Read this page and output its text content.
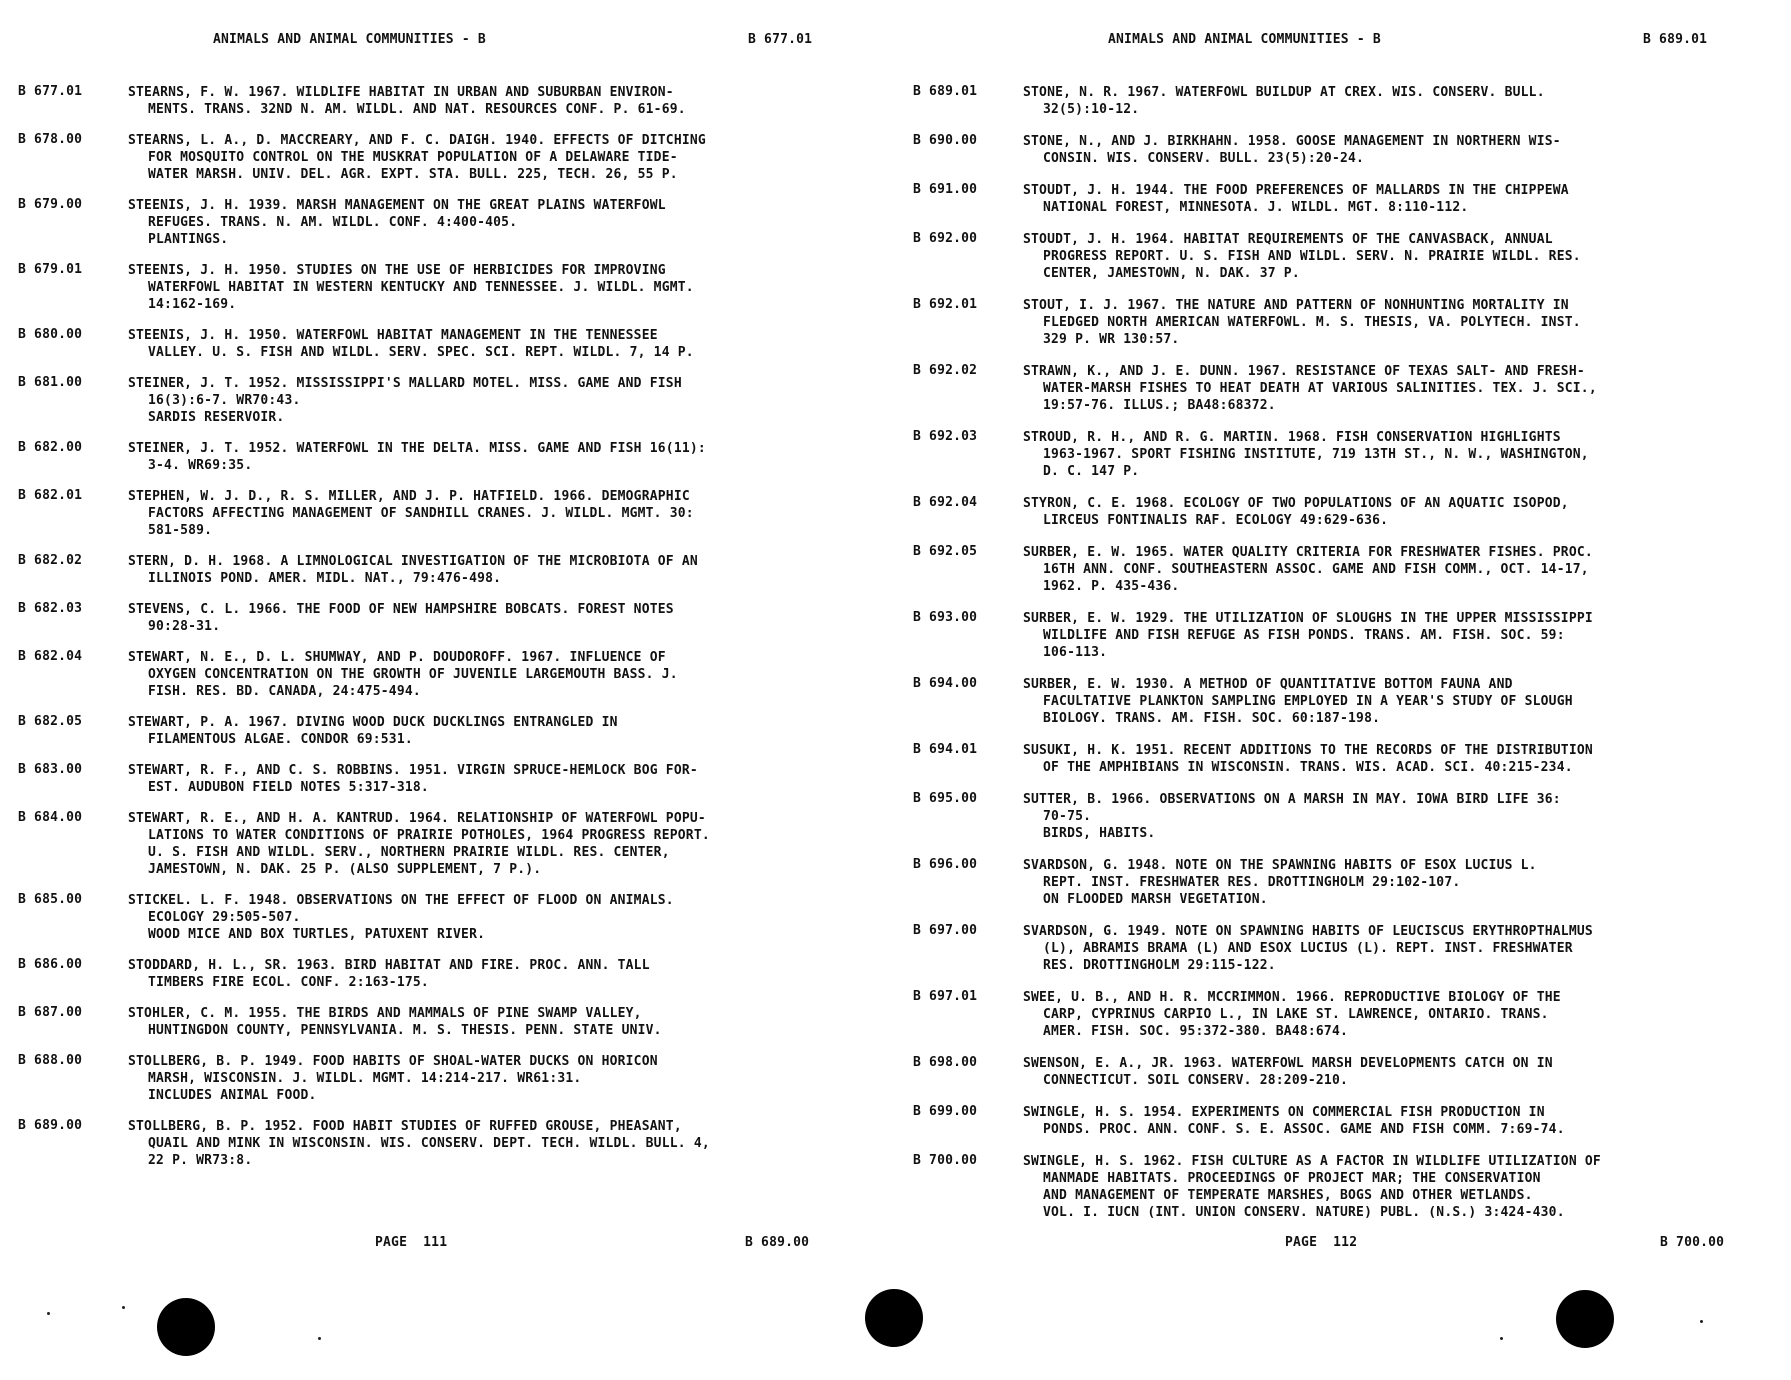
ANIMALS AND ANIMAL COMMUNITIES - B	B 677.01
B 677.01	STEARNS, F. W. 1967. WILDLIFE HABITAT IN URBAN AND SUBURBAN ENVIRON-
MENTS. TRANS. 32ND N. AM. WILDL. AND NAT. RESOURCES CONF. P. 61-69.
B 678.00	STEARNS, L. A., D. MACCREARY, AND F. C. DAIGH. 1940. EFFECTS OF DITCHING
FOR MOSQUITO CONTROL ON THE MUSKRAT POPULATION OF A DELAWARE TIDE-
WATER MARSH. UNIV. DEL. AGR. EXPT. STA. BULL. 225, TECH. 26, 55 P.
B 679.00	STEENIS, J. H. 1939. MARSH MANAGEMENT ON THE GREAT PLAINS WATERFOWL
REFUGES. TRANS. N. AM. WILDL. CONF. 4:400-405.
PLANTINGS.
B 679.01	STEENIS, J. H. 1950. STUDIES ON THE USE OF HERBICIDES FOR IMPROVING
WATERFOWL HABITAT IN WESTERN KENTUCKY AND TENNESSEE. J. WILDL. MGMT.
14:162-169.
B 680.00	STEENIS, J. H. 1950. WATERFOWL HABITAT MANAGEMENT IN THE TENNESSEE
VALLEY. U. S. FISH AND WILDL. SERV. SPEC. SCI. REPT. WILDL. 7, 14 P.
B 681.00	STEINER, J. T. 1952. MISSISSIPPI'S MALLARD MOTEL. MISS. GAME AND FISH
16(3):6-7. WR70:43.
SARDIS RESERVOIR.
B 682.00	STEINER, J. T. 1952. WATERFOWL IN THE DELTA. MISS. GAME AND FISH 16(11):
3-4. WR69:35.
B 682.01	STEPHEN, W. J. D., R. S. MILLER, AND J. P. HATFIELD. 1966. DEMOGRAPHIC
FACTORS AFFECTING MANAGEMENT OF SANDHILL CRANES. J. WILDL. MGMT. 30:
581-589.
B 682.02	STERN, D. H. 1968. A LIMNOLOGICAL INVESTIGATION OF THE MICROBIOTA OF AN
ILLINOIS POND. AMER. MIDL. NAT., 79:476-498.
B 682.03	STEVENS, C. L. 1966. THE FOOD OF NEW HAMPSHIRE BOBCATS. FOREST NOTES
90:28-31.
B 682.04	STEWART, N. E., D. L. SHUMWAY, AND P. DOUDOROFF. 1967. INFLUENCE OF
OXYGEN CONCENTRATION ON THE GROWTH OF JUVENILE LARGEMOUTH BASS. J.
FISH. RES. BD. CANADA, 24:475-494.
B 682.05	STEWART, P. A. 1967. DIVING WOOD DUCK DUCKLINGS ENTRANGLED IN
FILAMENTOUS ALGAE. CONDOR 69:531.
B 683.00	STEWART, R. F., AND C. S. ROBBINS. 1951. VIRGIN SPRUCE-HEMLOCK BOG FOR-
EST. AUDUBON FIELD NOTES 5:317-318.
B 684.00	STEWART, R. E., AND H. A. KANTRUD. 1964. RELATIONSHIP OF WATERFOWL POPU-
LATIONS TO WATER CONDITIONS OF PRAIRIE POTHOLES, 1964 PROGRESS REPORT.
U. S. FISH AND WILDL. SERV., NORTHERN PRAIRIE WILDL. RES. CENTER,
JAMESTOWN, N. DAK. 25 P. (ALSO SUPPLEMENT, 7 P.).
B 685.00	STICKEL. L. F. 1948. OBSERVATIONS ON THE EFFECT OF FLOOD ON ANIMALS.
ECOLOGY 29:505-507.
WOOD MICE AND BOX TURTLES, PATUXENT RIVER.
B 686.00	STODDARD, H. L., SR. 1963. BIRD HABITAT AND FIRE. PROC. ANN. TALL
TIMBERS FIRE ECOL. CONF. 2:163-175.
B 687.00	STOHLER, C. M. 1955. THE BIRDS AND MAMMALS OF PINE SWAMP VALLEY,
HUNTINGDON COUNTY, PENNSYLVANIA. M. S. THESIS. PENN. STATE UNIV.
B 688.00	STOLLBERG, B. P. 1949. FOOD HABITS OF SHOAL-WATER DUCKS ON HORICON
MARSH, WISCONSIN. J. WILDL. MGMT. 14:214-217. WR61:31.
INCLUDES ANIMAL FOOD.
B 689.00	STOLLBERG, B. P. 1952. FOOD HABIT STUDIES OF RUFFED GROUSE, PHEASANT,
QUAIL AND MINK IN WISCONSIN. WIS. CONSERV. DEPT. TECH. WILDL. BULL. 4,
22 P. WR73:8.
PAGE  111	B 689.00
ANIMALS AND ANIMAL COMMUNITIES - B	B 689.01
B 689.01	STONE, N. R. 1967. WATERFOWL BUILDUP AT CREX. WIS. CONSERV. BULL.
32(5):10-12.
B 690.00	STONE, N., AND J. BIRKHAHN. 1958. GOOSE MANAGEMENT IN NORTHERN WIS-
CONSIN. WIS. CONSERV. BULL. 23(5):20-24.
B 691.00	STOUDT, J. H. 1944. THE FOOD PREFERENCES OF MALLARDS IN THE CHIPPEWA
NATIONAL FOREST, MINNESOTA. J. WILDL. MGT. 8:110-112.
B 692.00	STOUDT, J. H. 1964. HABITAT REQUIREMENTS OF THE CANVASBACK, ANNUAL
PROGRESS REPORT. U. S. FISH AND WILDL. SERV. N. PRAIRIE WILDL. RES.
CENTER, JAMESTOWN, N. DAK. 37 P.
B 692.01	STOUT, I. J. 1967. THE NATURE AND PATTERN OF NONHUNTING MORTALITY IN
FLEDGED NORTH AMERICAN WATERFOWL. M. S. THESIS, VA. POLYTECH. INST.
329 P. WR 130:57.
B 692.02	STRAWN, K., AND J. E. DUNN. 1967. RESISTANCE OF TEXAS SALT- AND FRESH-
WATER-MARSH FISHES TO HEAT DEATH AT VARIOUS SALINITIES. TEX. J. SCI.,
19:57-76. ILLUS.; BA48:68372.
B 692.03	STROUD, R. H., AND R. G. MARTIN. 1968. FISH CONSERVATION HIGHLIGHTS
1963-1967. SPORT FISHING INSTITUTE, 719 13TH ST., N. W., WASHINGTON,
D. C. 147 P.
B 692.04	STYRON, C. E. 1968. ECOLOGY OF TWO POPULATIONS OF AN AQUATIC ISOPOD,
LIRCEUS FONTINALIS RAF. ECOLOGY 49:629-636.
B 692.05	SURBER, E. W. 1965. WATER QUALITY CRITERIA FOR FRESHWATER FISHES. PROC.
16TH ANN. CONF. SOUTHEASTERN ASSOC. GAME AND FISH COMM., OCT. 14-17,
1962. P. 435-436.
B 693.00	SURBER, E. W. 1929. THE UTILIZATION OF SLOUGHS IN THE UPPER MISSISSIPPI
WILDLIFE AND FISH REFUGE AS FISH PONDS. TRANS. AM. FISH. SOC. 59:
106-113.
B 694.00	SURBER, E. W. 1930. A METHOD OF QUANTITATIVE BOTTOM FAUNA AND
FACULTATIVE PLANKTON SAMPLING EMPLOYED IN A YEAR'S STUDY OF SLOUGH
BIOLOGY. TRANS. AM. FISH. SOC. 60:187-198.
B 694.01	SUSUKI, H. K. 1951. RECENT ADDITIONS TO THE RECORDS OF THE DISTRIBUTION
OF THE AMPHIBIANS IN WISCONSIN. TRANS. WIS. ACAD. SCI. 40:215-234.
B 695.00	SUTTER, B. 1966. OBSERVATIONS ON A MARSH IN MAY. IOWA BIRD LIFE 36:
70-75.
BIRDS, HABITS.
B 696.00	SVARDSON, G. 1948. NOTE ON THE SPAWNING HABITS OF ESOX LUCIUS L.
REPT. INST. FRESHWATER RES. DROTTINGHOLM 29:102-107.
ON FLOODED MARSH VEGETATION.
B 697.00	SVARDSON, G. 1949. NOTE ON SPAWNING HABITS OF LEUCISCUS ERYTHROPTHALMUS
(L), ABRAMIS BRAMA (L) AND ESOX LUCIUS (L). REPT. INST. FRESHWATER
RES. DROTTINGHOLM 29:115-122.
B 697.01	SWEE, U. B., AND H. R. MCCRIMMON. 1966. REPRODUCTIVE BIOLOGY OF THE
CARP, CYPRINUS CARPIO L., IN LAKE ST. LAWRENCE, ONTARIO. TRANS.
AMER. FISH. SOC. 95:372-380. BA48:674.
B 698.00	SWENSON, E. A., JR. 1963. WATERFOWL MARSH DEVELOPMENTS CATCH ON IN
CONNECTICUT. SOIL CONSERV. 28:209-210.
B 699.00	SWINGLE, H. S. 1954. EXPERIMENTS ON COMMERCIAL FISH PRODUCTION IN
PONDS. PROC. ANN. CONF. S. E. ASSOC. GAME AND FISH COMM. 7:69-74.
B 700.00	SWINGLE, H. S. 1962. FISH CULTURE AS A FACTOR IN WILDLIFE UTILIZATION OF
MANMADE HABITATS. PROCEEDINGS OF PROJECT MAR; THE CONSERVATION
AND MANAGEMENT OF TEMPERATE MARSHES, BOGS AND OTHER WETLANDS.
VOL. I. IUCN (INT. UNION CONSERV. NATURE) PUBL. (N.S.) 3:424-430.
PAGE  112	B 700.00
